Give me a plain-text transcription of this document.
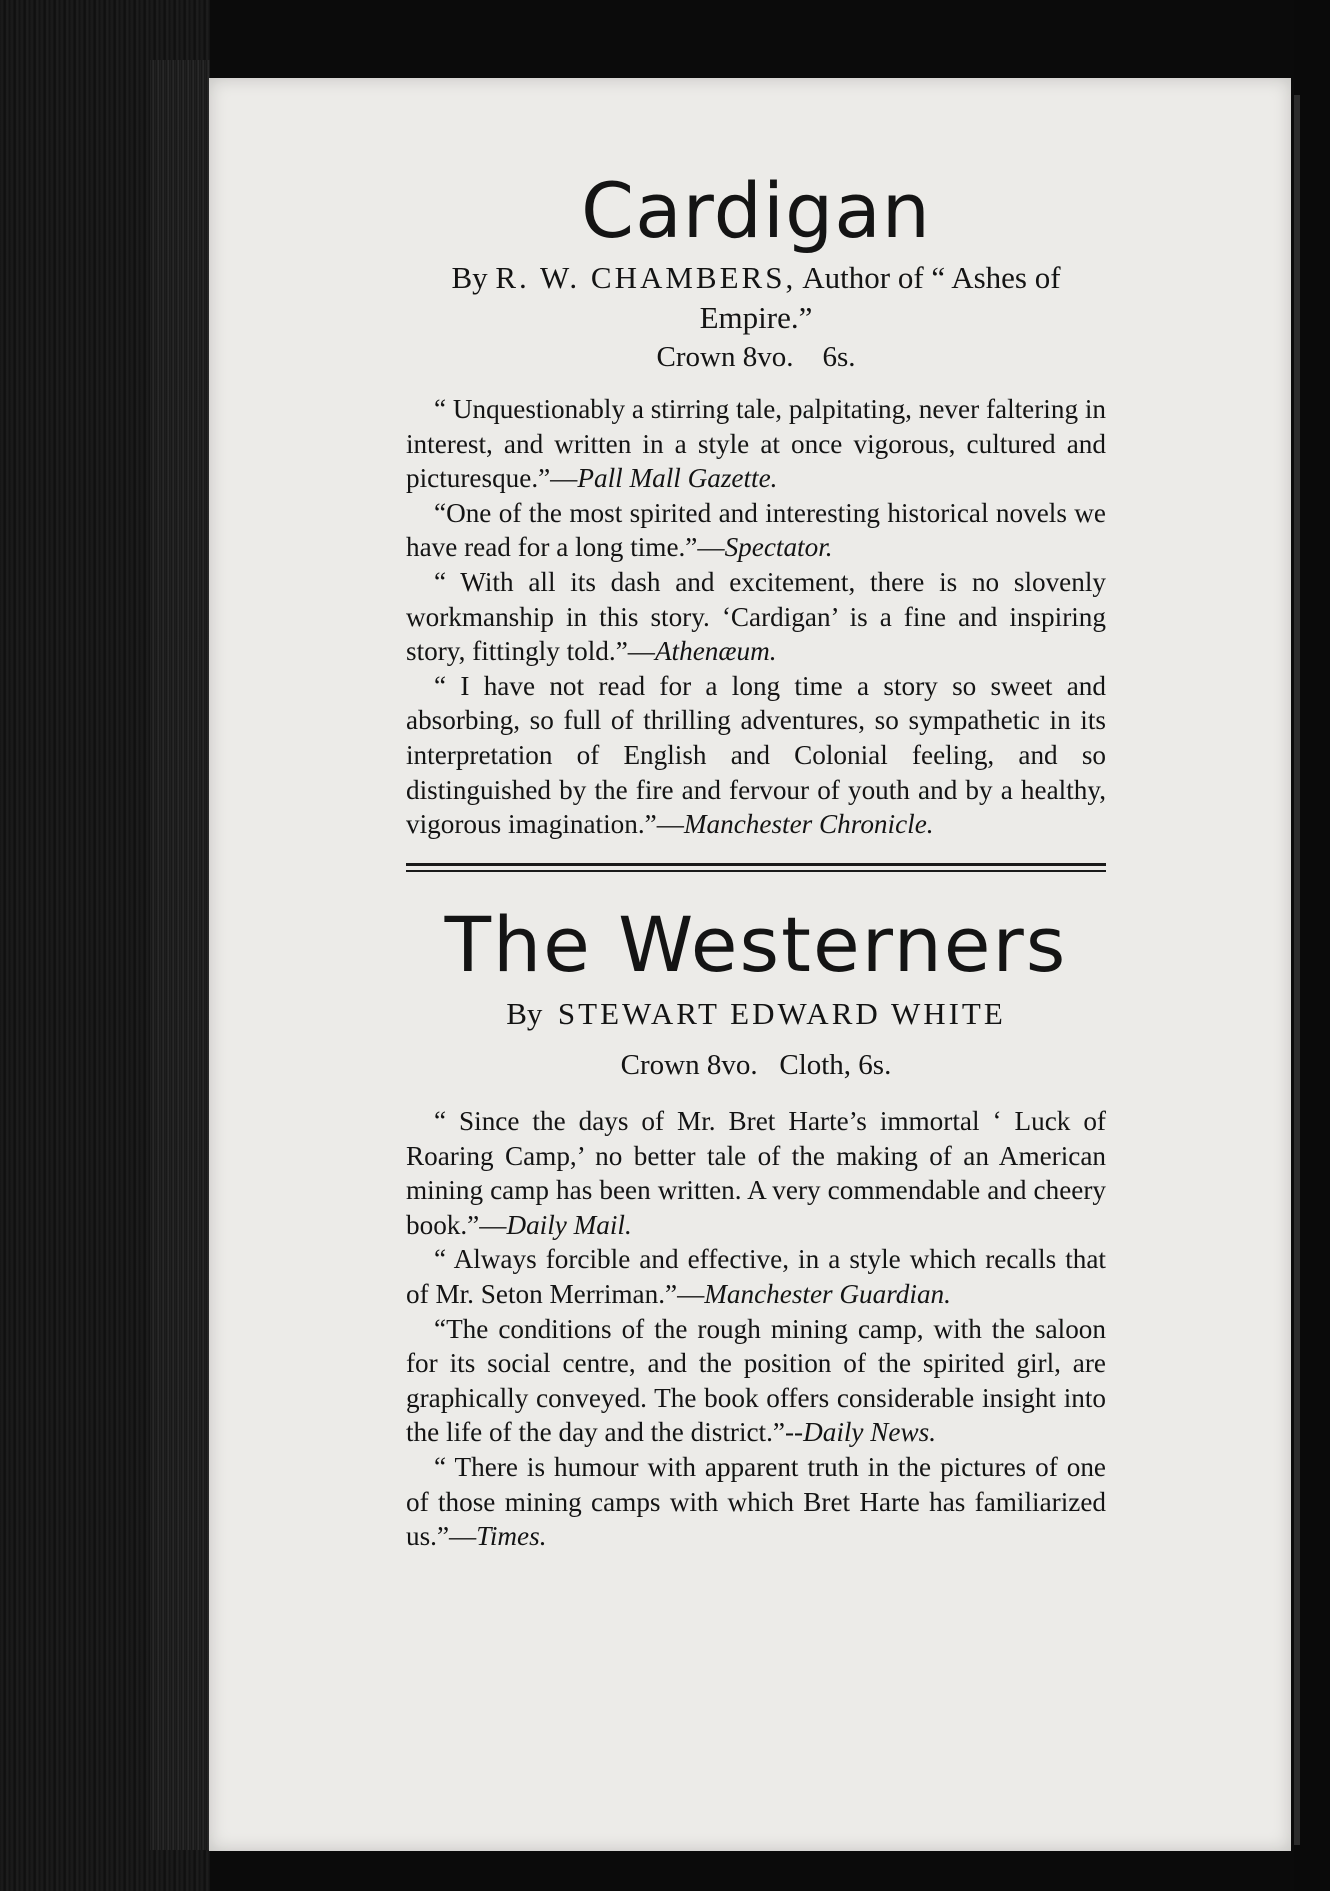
Cardigan

By R. W. CHAMBERS, Author of “ Ashes of Empire.”

Crown 8vo.    6s.

“ Unquestionably a stirring tale, palpitating, never faltering in interest, and written in a style at once vigorous, cultured and picturesque.”—Pall Mall Gazette.

“One of the most spirited and interesting historical novels we have read for a long time.”—Spectator.

“ With all its dash and excitement, there is no slovenly workmanship in this story. ‘Cardigan’ is a fine and inspiring story, fittingly told.”—Athenæum.

“ I have not read for a long time a story so sweet and absorbing, so full of thrilling adventures, so sympathetic in its interpretation of English and Colonial feeling, and so distinguished by the fire and fervour of youth and by a healthy, vigorous imagination.”—Manchester Chronicle.

The Westerners

By STEWART EDWARD WHITE

Crown 8vo.   Cloth, 6s.

“ Since the days of Mr. Bret Harte’s immortal ‘ Luck of Roaring Camp,’ no better tale of the making of an American mining camp has been written. A very commendable and cheery book.”—Daily Mail.

“ Always forcible and effective, in a style which recalls that of Mr. Seton Merriman.”—Manchester Guardian.

“The conditions of the rough mining camp, with the saloon for its social centre, and the position of the spirited girl, are graphically conveyed. The book offers considerable insight into the life of the day and the district.”--Daily News.

“ There is humour with apparent truth in the pictures of one of those mining camps with which Bret Harte has familiarized us.”—Times.
